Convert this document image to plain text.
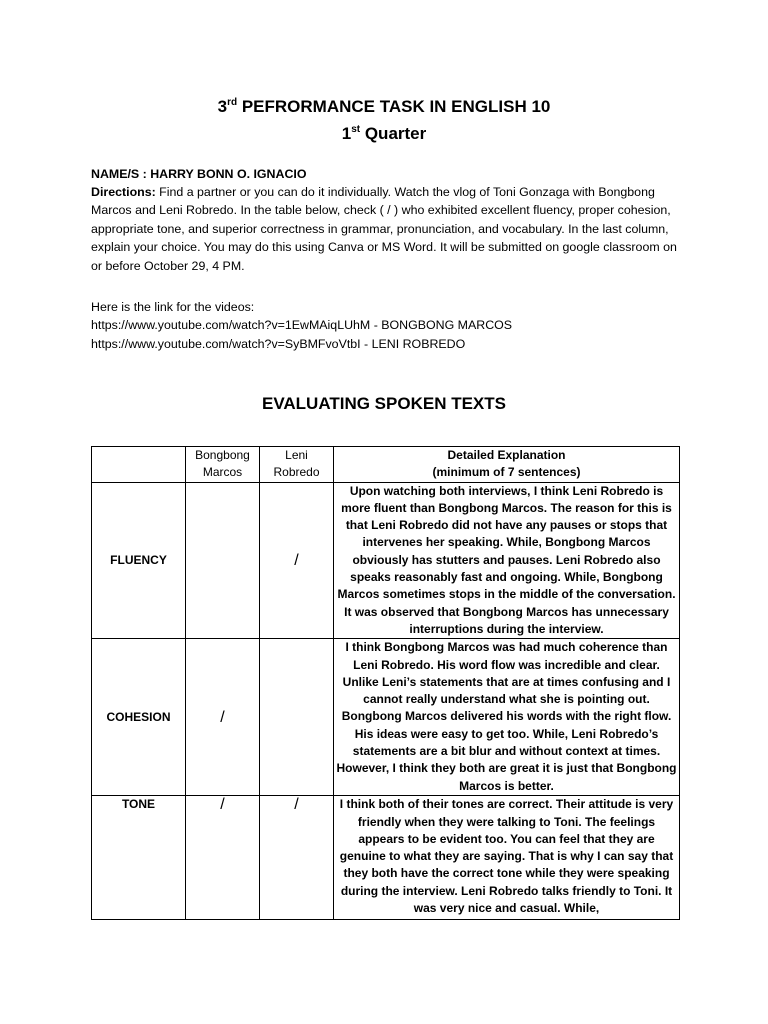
3rd PEFRORMANCE TASK IN ENGLISH 10
1st Quarter
NAME/S : HARRY BONN O. IGNACIO
Directions: Find a partner or you can do it individually. Watch the vlog of Toni Gonzaga with Bongbong Marcos and Leni Robredo. In the table below, check ( / ) who exhibited excellent fluency, proper cohesion, appropriate tone, and superior correctness in grammar, pronunciation, and vocabulary. In the last column, explain your choice. You may do this using Canva or MS Word. It will be submitted on google classroom on or before October 29, 4 PM.
Here is the link for the videos:
https://www.youtube.com/watch?v=1EwMAiqLUhM - BONGBONG MARCOS
https://www.youtube.com/watch?v=SyBMFvoVtbI - LENI ROBREDO
EVALUATING SPOKEN TEXTS
	Bongbong Marcos	Leni Robredo	Detailed Explanation
(minimum of 7 sentences)

FLUENCY		/	Upon watching both interviews, I think Leni Robredo is more fluent than Bongbong Marcos. The reason for this is that Leni Robredo did not have any pauses or stops that intervenes her speaking. While, Bongbong Marcos obviously has stutters and pauses. Leni Robredo also speaks reasonably fast and ongoing. While, Bongbong Marcos sometimes stops in the middle of the conversation. It was observed that Bongbong Marcos has unnecessary interruptions during the interview.
COHESION	/		I think Bongbong Marcos was had much coherence than Leni Robredo. His word flow was incredible and clear. Unlike Leni’s statements that are at times confusing and I cannot really understand what she is pointing out. Bongbong Marcos delivered his words with the right flow. His ideas were easy to get too. While, Leni Robredo’s statements are a bit blur and without context at times. However, I think they both are great it is just that Bongbong Marcos is better.
TONE	/	/	I think both of their tones are correct. Their attitude is very friendly when they were talking to Toni. The feelings appears to be evident too. You can feel that they are genuine to what they are saying. That is why I can say that they both have the correct tone while they were speaking during the interview. Leni Robredo talks friendly to Toni. It was very nice and casual. While,
